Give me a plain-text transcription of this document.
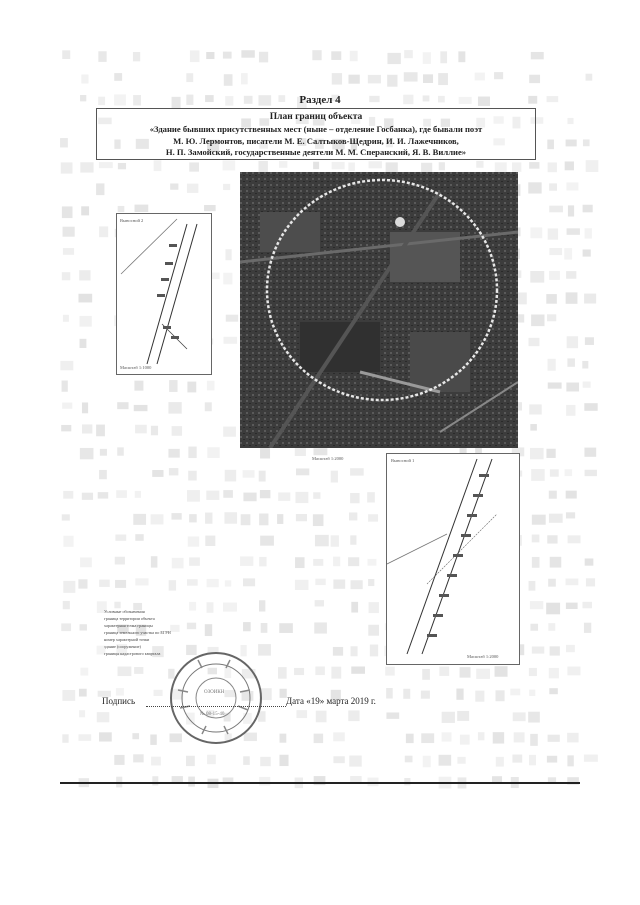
Раздел 4
План границ объекта
«Здание бывших присутственных мест (ныне – отделение Госбанка), где бывали поэт
М. Ю. Лермонтов, писатели М. Е. Салтыков-Щедрин, И. И. Лажечников,
Н. П. Замойский, государственные деятели М. М. Сперанский, Я. В. Виллие»
Масштаб 1:2000
Выносной 2
Масштаб 1:1000
Выносной 1
Масштаб 1:2000
Условные обозначения
граница территории объекта
характерная точка границы
граница земельного участка по ЕГРН
номер характерной точки
здание (сооружение)
границы кадастрового квартала
ОЗОИКН
№ 08-15-40
Подпись	Дата «19» марта 2019 г.
